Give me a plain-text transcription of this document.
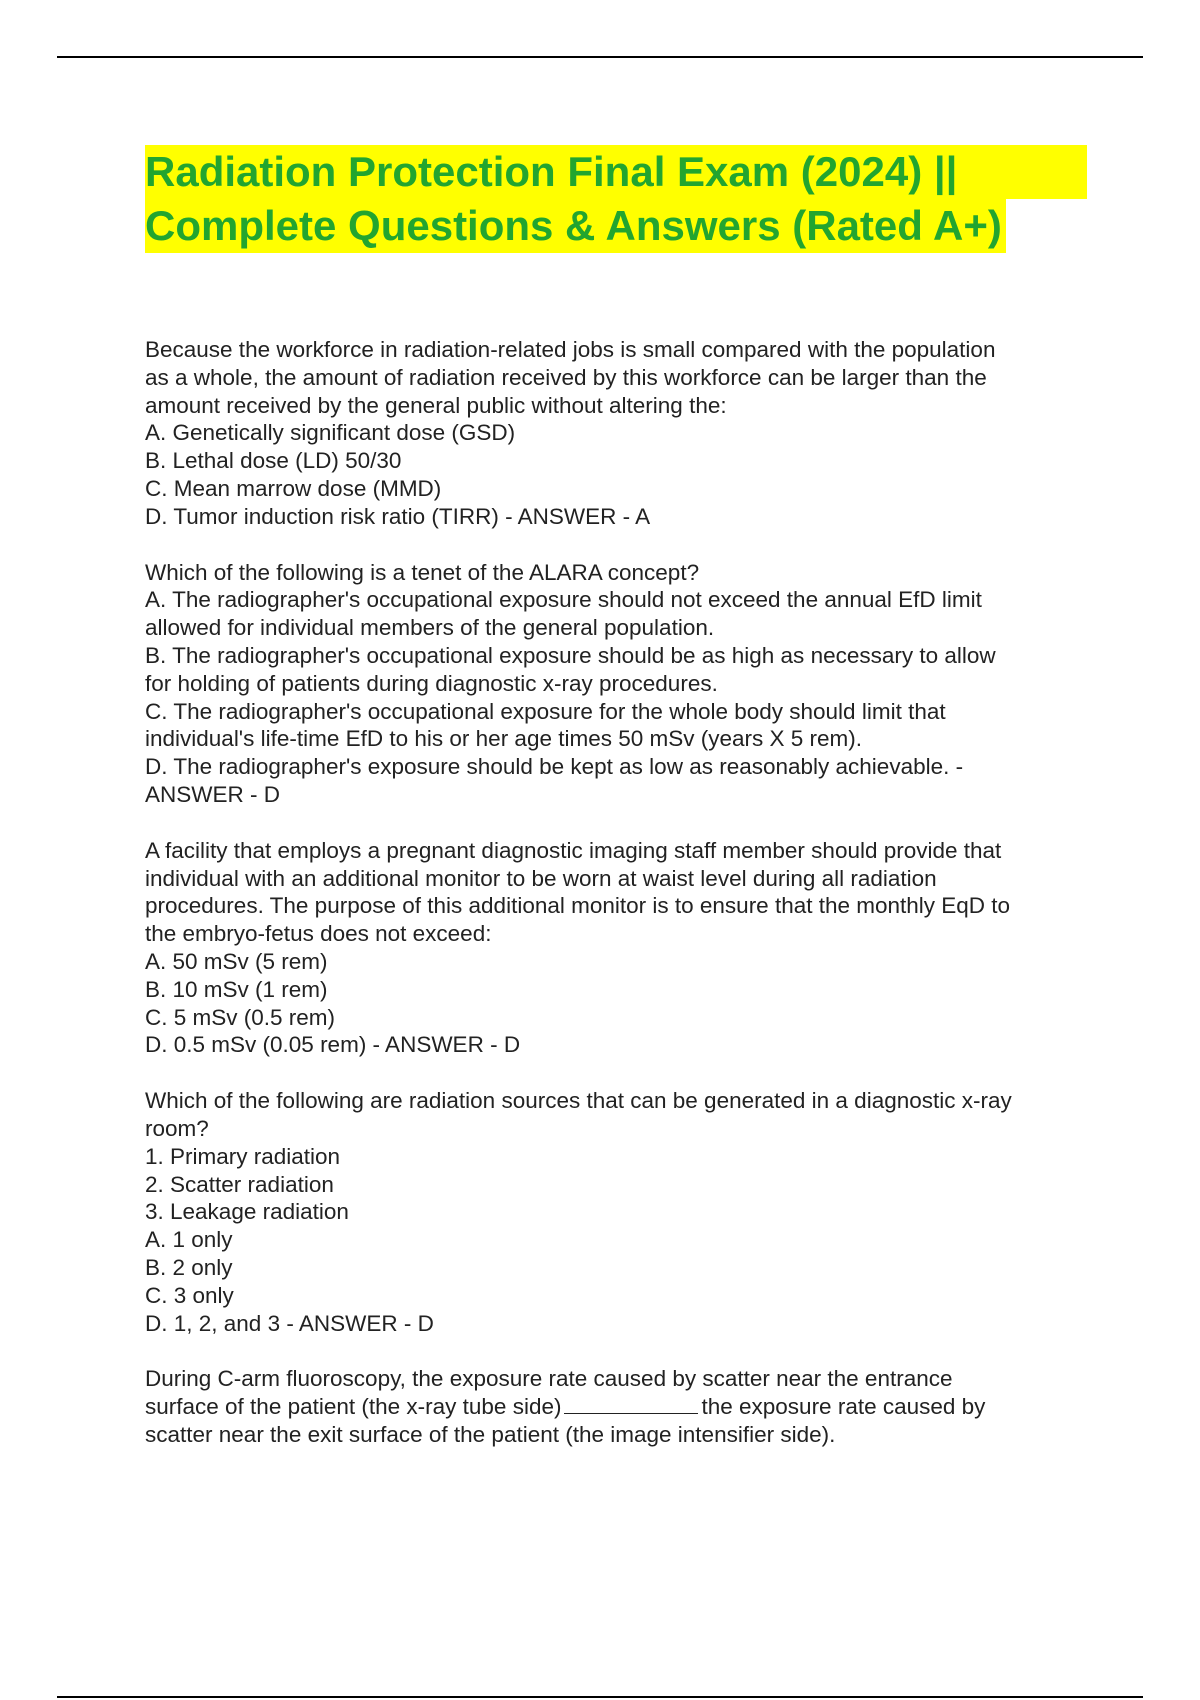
Radiation Protection Final Exam (2024) ||
Complete Questions & Answers (Rated A+)
Because the workforce in radiation-related jobs is small compared with the population
as a whole, the amount of radiation received by this workforce can be larger than the
amount received by the general public without altering the:
A. Genetically significant dose (GSD)
B. Lethal dose (LD) 50/30
C. Mean marrow dose (MMD)
D. Tumor induction risk ratio (TIRR) - ANSWER - A
Which of the following is a tenet of the ALARA concept?
A. The radiographer's occupational exposure should not exceed the annual EfD limit
allowed for individual members of the general population.
B. The radiographer's occupational exposure should be as high as necessary to allow
for holding of patients during diagnostic x-ray procedures.
C. The radiographer's occupational exposure for the whole body should limit that
individual's life-time EfD to his or her age times 50 mSv (years X 5 rem).
D. The radiographer's exposure should be kept as low as reasonably achievable. -
ANSWER - D
A facility that employs a pregnant diagnostic imaging staff member should provide that
individual with an additional monitor to be worn at waist level during all radiation
procedures. The purpose of this additional monitor is to ensure that the monthly EqD to
the embryo-fetus does not exceed:
A. 50 mSv (5 rem)
B. 10 mSv (1 rem)
C. 5 mSv (0.5 rem)
D. 0.5 mSv (0.05 rem) - ANSWER - D
Which of the following are radiation sources that can be generated in a diagnostic x-ray
room?
1. Primary radiation
2. Scatter radiation
3. Leakage radiation
A. 1 only
B. 2 only
C. 3 only
D. 1, 2, and 3 - ANSWER - D
During C-arm fluoroscopy, the exposure rate caused by scatter near the entrance
surface of the patient (the x-ray tube side)	the exposure rate caused by
scatter near the exit surface of the patient (the image intensifier side).
